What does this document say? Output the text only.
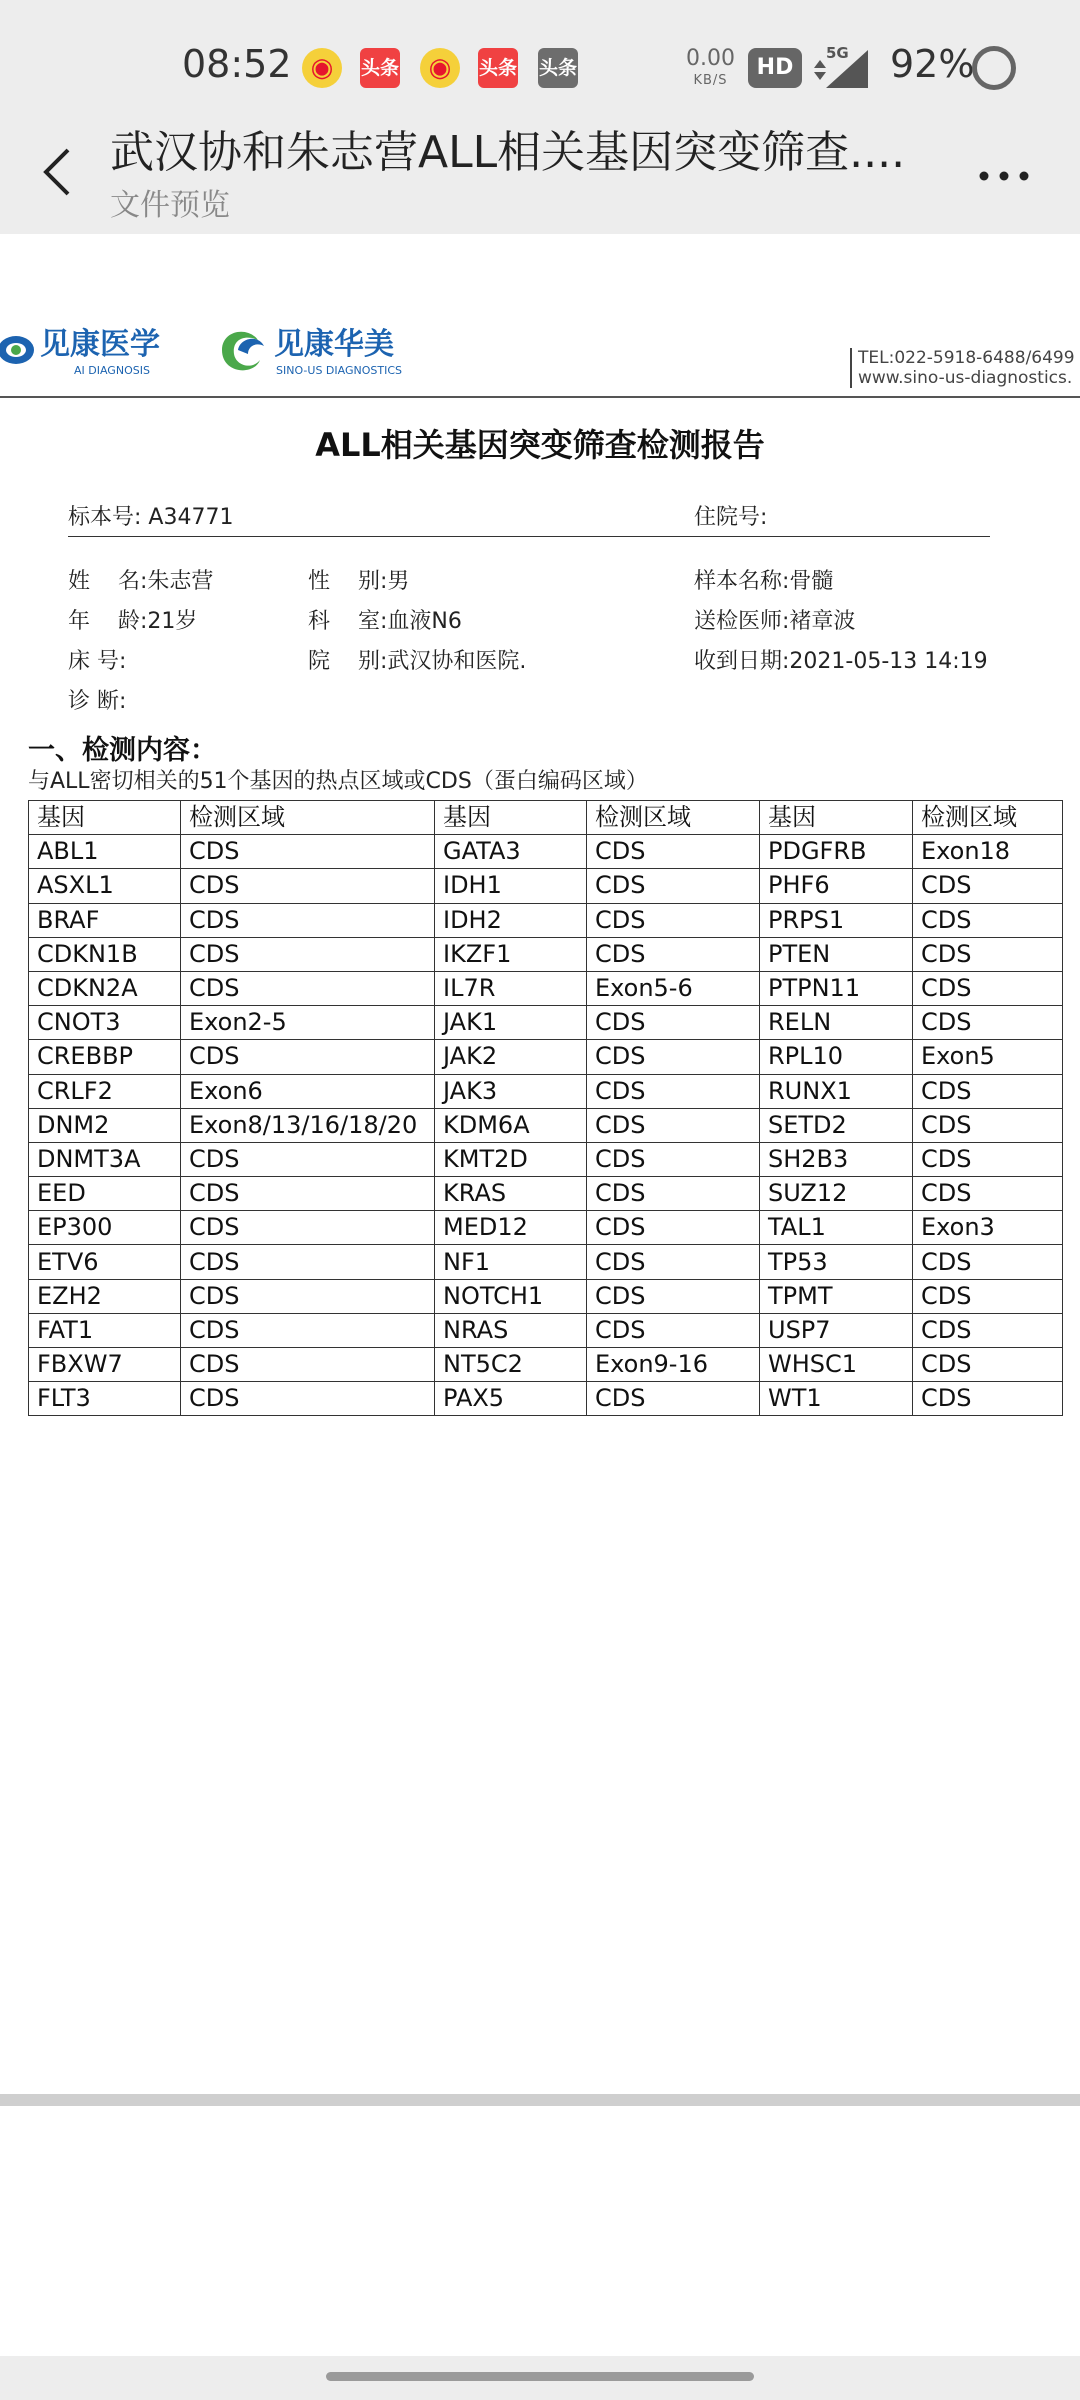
08:52 ◉	头条	◉	头条 头条	0.00
KB/S
HD
5G 92%
武汉协和朱志营ALL相关基因突变筛查....
文件预览
见康医学
AI DIAGNOSIS
见康华美
SINO-US DIAGNOSTICS
TEL:022-5918-6488/6499
www.sino-us-diagnostics.
ALL相关基因突变筛查检测报告
标本号: A34771	住院号:
姓    名:朱志营	性    别:男	样本名称:骨髓
年    龄:21岁	科    室:血液N6	送检医师:褚章波
床 号:	院    别:武汉协和医院.	收到日期:2021-05-13 14:19
诊 断:
一、检测内容：
与ALL密切相关的51个基因的热点区域或CDS（蛋白编码区域）
基因	检测区域	基因	检测区域	基因	检测区域
ABL1	CDS	GATA3	CDS	PDGFRB	Exon18
ASXL1	CDS	IDH1	CDS	PHF6	CDS
BRAF	CDS	IDH2	CDS	PRPS1	CDS
CDKN1B	CDS	IKZF1	CDS	PTEN	CDS
CDKN2A	CDS	IL7R	Exon5-6	PTPN11	CDS
CNOT3	Exon2-5	JAK1	CDS	RELN	CDS
CREBBP	CDS	JAK2	CDS	RPL10	Exon5
CRLF2	Exon6	JAK3	CDS	RUNX1	CDS
DNM2	Exon8/13/16/18/20	KDM6A	CDS	SETD2	CDS
DNMT3A	CDS	KMT2D	CDS	SH2B3	CDS
EED	CDS	KRAS	CDS	SUZ12	CDS
EP300	CDS	MED12	CDS	TAL1	Exon3
ETV6	CDS	NF1	CDS	TP53	CDS
EZH2	CDS	NOTCH1	CDS	TPMT	CDS
FAT1	CDS	NRAS	CDS	USP7	CDS
FBXW7	CDS	NT5C2	Exon9-16	WHSC1	CDS
FLT3	CDS	PAX5	CDS	WT1	CDS
